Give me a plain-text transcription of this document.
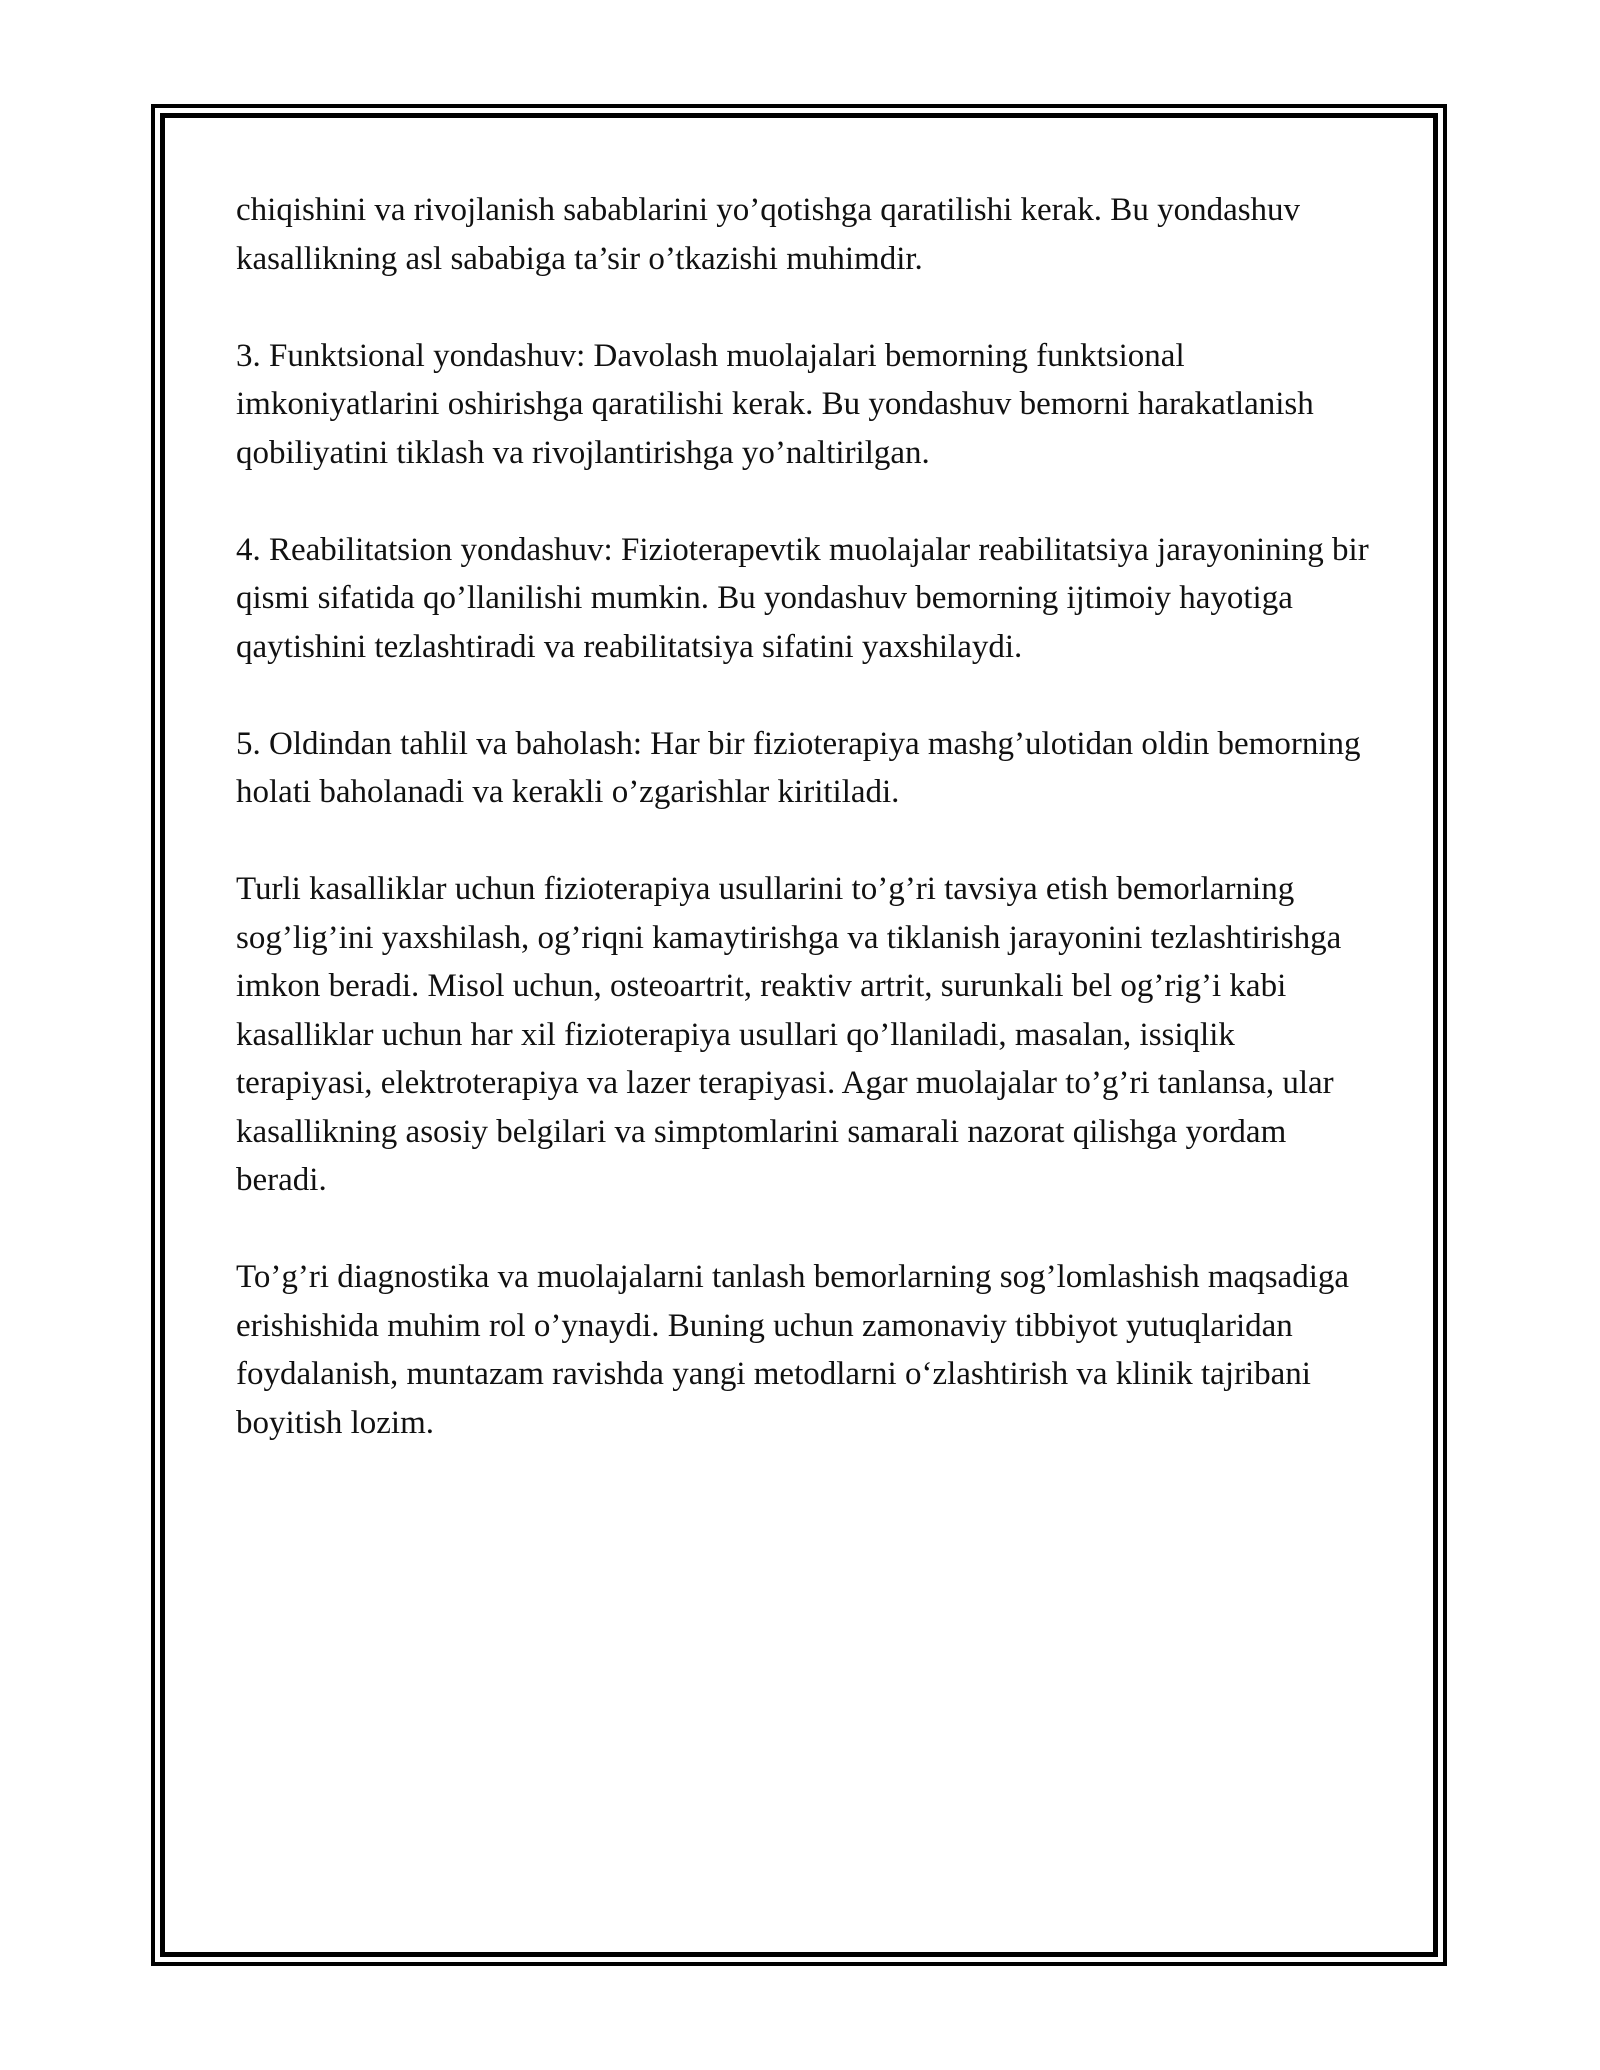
chiqishini va rivojlanish sabablarini yo’qotishga qaratilishi kerak. Bu yondashuv kasallikning asl sababiga ta’sir o’tkazishi muhimdir.

3. Funktsional yondashuv: Davolash muolajalari bemorning funktsional imkoniyatlarini oshirishga qaratilishi kerak. Bu yondashuv bemorni harakatlanish qobiliyatini tiklash va rivojlantirishga yo’naltirilgan.

4. Reabilitatsion yondashuv: Fizioterapevtik muolajalar reabilitatsiya jarayonining bir qismi sifatida qo’llanilishi mumkin. Bu yondashuv bemorning ijtimoiy hayotiga qaytishini tezlashtiradi va reabilitatsiya sifatini yaxshilaydi.

5. Oldindan tahlil va baholash: Har bir fizioterapiya mashg’ulotidan oldin bemorning holati baholanadi va kerakli o’zgarishlar kiritiladi.

Turli kasalliklar uchun fizioterapiya usullarini to’g’ri tavsiya etish bemorlarning sog’lig’ini yaxshilash, og’riqni kamaytirishga va tiklanish jarayonini tezlashtirishga imkon beradi. Misol uchun, osteoartrit, reaktiv artrit, surunkali bel og’rig’i kabi kasalliklar uchun har xil fizioterapiya usullari qo’llaniladi, masalan, issiqlik terapiyasi, elektroterapiya va lazer terapiyasi. Agar muolajalar to’g’ri tanlansa, ular kasallikning asosiy belgilari va simptomlarini samarali nazorat qilishga yordam beradi.

To’g’ri diagnostika va muolajalarni tanlash bemorlarning sog’lomlashish maqsadiga erishishida muhim rol o’ynaydi. Buning uchun zamonaviy tibbiyot yutuqlaridan foydalanish, muntazam ravishda yangi metodlarni o‘zlashtirish va klinik tajribani boyitish lozim.
